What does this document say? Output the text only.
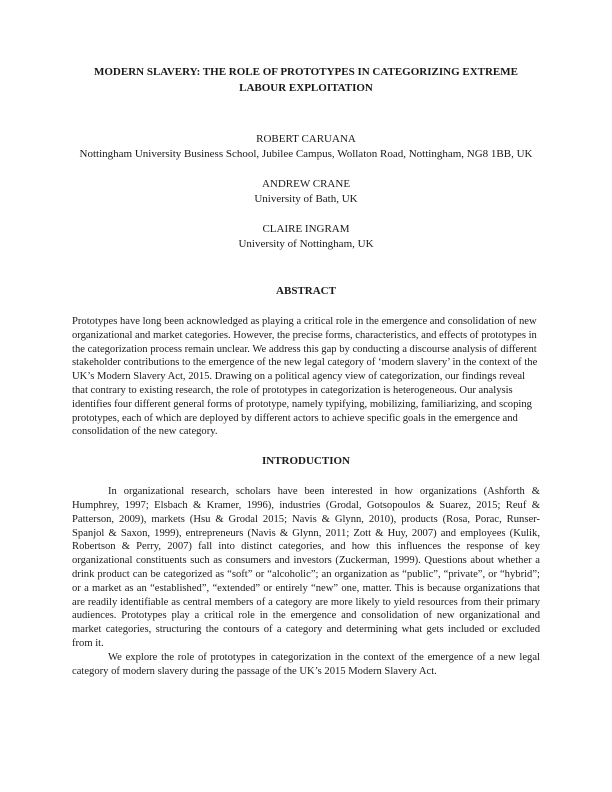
MODERN SLAVERY: THE ROLE OF PROTOTYPES IN CATEGORIZING EXTREME LABOUR EXPLOITATION
ROBERT CARUANA
Nottingham University Business School, Jubilee Campus, Wollaton Road, Nottingham, NG8 1BB, UK
ANDREW CRANE
University of Bath, UK
CLAIRE INGRAM
University of Nottingham, UK
ABSTRACT

Prototypes have long been acknowledged as playing a critical role in the emergence and consolidation of new organizational and market categories. However, the precise forms, characteristics, and effects of prototypes in the categorization process remain unclear. We address this gap by conducting a discourse analysis of different stakeholder contributions to the emergence of the new legal category of ‘modern slavery’ in the context of the UK’s Modern Slavery Act, 2015. Drawing on a political agency view of categorization, our findings reveal that contrary to existing research, the role of prototypes in categorization is heterogeneous. Our analysis identifies four different general forms of prototype, namely typifying, mobilizing, familiarizing, and scoping prototypes, each of which are deployed by different actors to achieve specific goals in the emergence and consolidation of the new category.

INTRODUCTION

In organizational research, scholars have been interested in how organizations (Ashforth & Humphrey, 1997; Elsbach & Kramer, 1996), industries (Grodal, Gotsopoulos & Suarez, 2015; Reuf & Patterson, 2009), markets (Hsu & Grodal 2015; Navis & Glynn, 2010), products (Rosa, Porac, Runser-Spanjol & Saxon, 1999), entrepreneurs (Navis & Glynn, 2011; Zott & Huy, 2007) and employees (Kulik, Robertson & Perry, 2007) fall into distinct categories, and how this influences the response of key organizational constituents such as consumers and investors (Zuckerman, 1999). Questions about whether a drink product can be categorized as “soft” or “alcoholic”; an organization as “public”, “private”, or “hybrid”; or a market as an “established”, “extended” or entirely “new” one, matter. This is because organizations that are readily identifiable as central members of a category are more likely to yield resources from their primary audiences. Prototypes play a critical role in the emergence and consolidation of new organizational and market categories, structuring the contours of a category and determining what gets included or excluded from it.

We explore the role of prototypes in categorization in the context of the emergence of a new legal category of modern slavery during the passage of the UK’s 2015 Modern Slavery Act.
